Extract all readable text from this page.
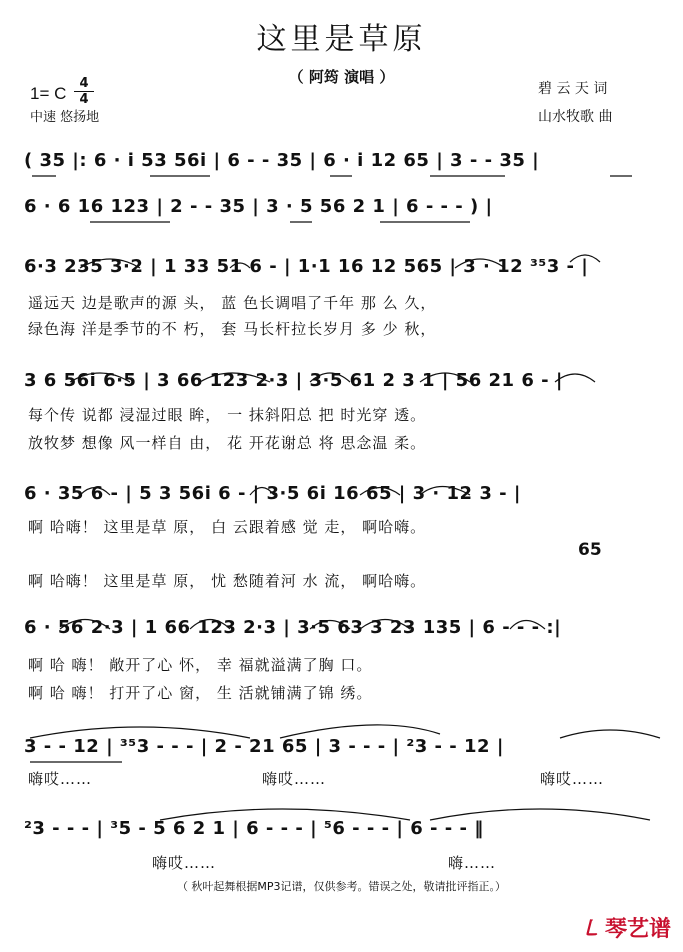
这里是草原
（ 阿筠 演唱 ）
1= C
4
4
中速 悠扬地
碧 云 天 词
山水牧歌 曲
( 35 |: 6 · i 53 56i | 6 - - 35 | 6 · i 12 65 | 3 - - 35 |
6 · 6 16 123 | 2 - - 35 | 3 · 5 56 2 1 | 6 - - - ) |
6·3 235 3·2 | 1 33 51 6 - | 1·1 16 12 565 | 3 · 12 ³⁵3 - |
遥远天 边是歌声的源 头， 蓝 色长调唱了千年 那 么 久，
绿色海 洋是季节的不 朽， 套 马长杆拉长岁月 多 少 秋，
3 6 56i 6·5 | 3 66 123 2·3 | 3·5 61 2 3 1 | 56 21 6 - |
每个传 说都 浸湿过眼 眸， 一 抹斜阳总 把 时光穿 透。
放牧梦 想像 风一样自 由， 花 开花谢总 将 思念温 柔。
6 · 35 6 - | 5 3 56i 6 - | 3·5 6i 16 65 | 3 · 12 3 - |
啊 哈嗨！ 这里是草 原， 白 云跟着感 觉 走， 啊哈嗨。
65
啊 哈嗨！ 这里是草 原， 忧 愁随着河 水 流， 啊哈嗨。
6 · 56 2·3 | 1 66 123 2·3 | 3·5 63 3 23 135 | 6 - - - :|
啊 哈 嗨！ 敞开了心 怀， 幸 福就溢满了胸 口。
啊 哈 嗨！ 打开了心 窗， 生 活就铺满了锦 绣。
3 - - 12 | ³⁵3 - - - | 2 - 21 65 | 3 - - - | ²3 - - 12 |
嗨哎……	嗨哎……	嗨哎……
²3 - - - | ³5 - 5 6 2 1 | 6 - - - | ⁵6 - - - | 6 - - - ‖
嗨哎……	嗨……
（ 秋叶起舞根据MP3记谱，仅供参考。错误之处，敬请批评指正。）
㇄ 琴艺谱
